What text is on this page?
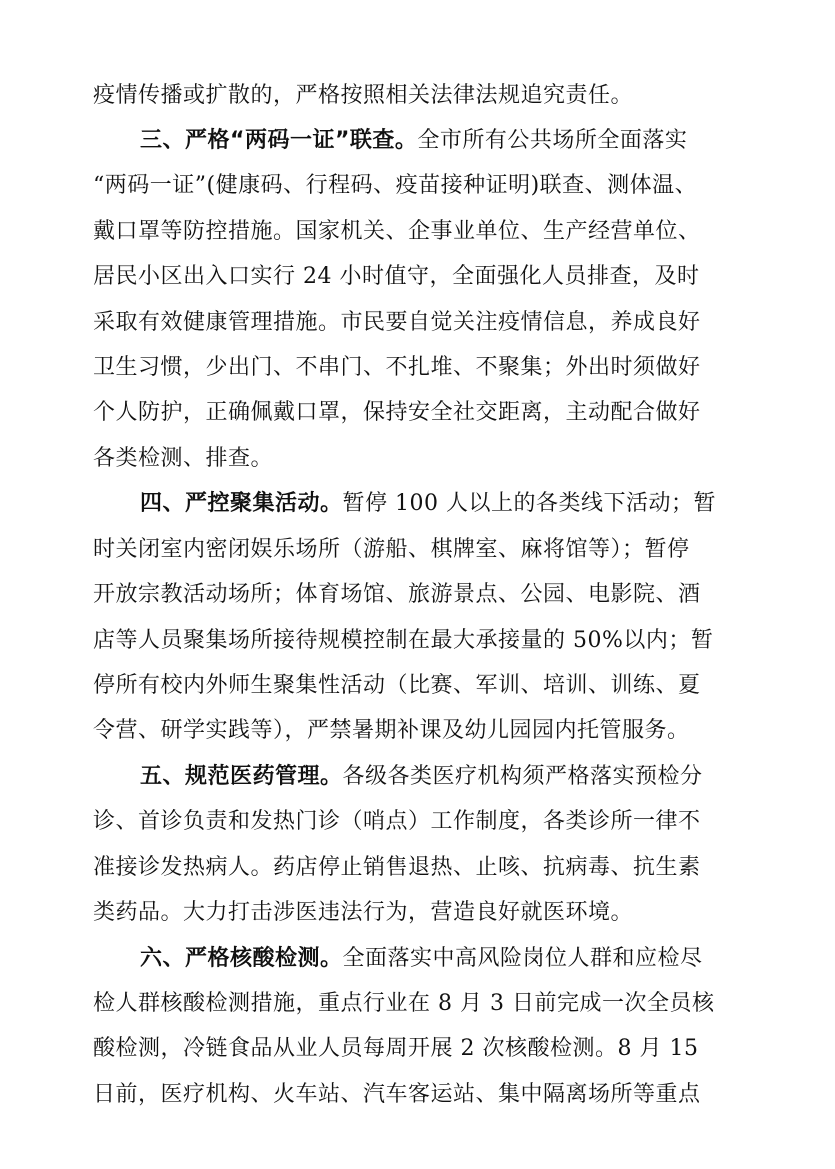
疫情传播或扩散的，严格按照相关法律法规追究责任。
三、严格“两码一证”联查。全市所有公共场所全面落实
“两码一证”(健康码、行程码、疫苗接种证明)联查、测体温、
戴口罩等防控措施。国家机关、企事业单位、生产经营单位、
居民小区出入口实行 24 小时值守，全面强化人员排查，及时
采取有效健康管理措施。市民要自觉关注疫情信息，养成良好
卫生习惯，少出门、不串门、不扎堆、不聚集；外出时须做好
个人防护，正确佩戴口罩，保持安全社交距离，主动配合做好
各类检测、排查。
四、严控聚集活动。暂停 100 人以上的各类线下活动；暂
时关闭室内密闭娱乐场所（游船、棋牌室、麻将馆等）；暂停
开放宗教活动场所；体育场馆、旅游景点、公园、电影院、酒
店等人员聚集场所接待规模控制在最大承接量的 50%以内；暂
停所有校内外师生聚集性活动（比赛、军训、培训、训练、夏
令营、研学实践等），严禁暑期补课及幼儿园园内托管服务。
五、规范医药管理。各级各类医疗机构须严格落实预检分
诊、首诊负责和发热门诊（哨点）工作制度，各类诊所一律不
准接诊发热病人。药店停止销售退热、止咳、抗病毒、抗生素
类药品。大力打击涉医违法行为，营造良好就医环境。
六、严格核酸检测。全面落实中高风险岗位人群和应检尽
检人群核酸检测措施，重点行业在 8 月 3 日前完成一次全员核
酸检测，冷链食品从业人员每周开展 2 次核酸检测。8 月 15
日前，医疗机构、火车站、汽车客运站、集中隔离场所等重点
